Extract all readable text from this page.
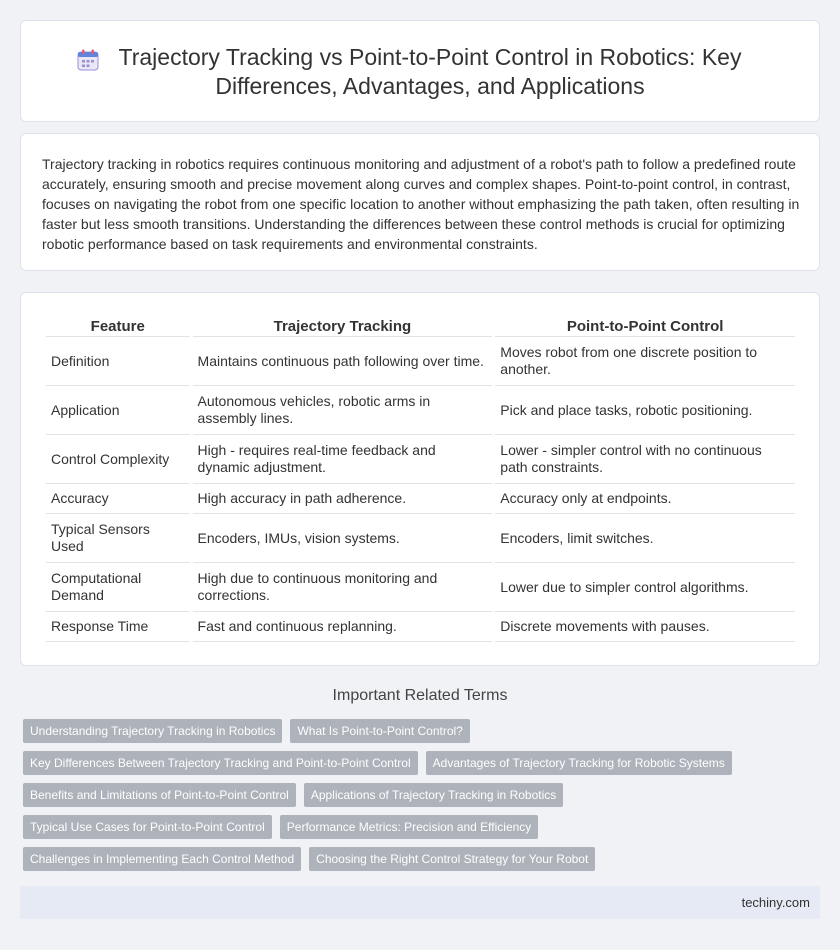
Trajectory Tracking vs Point-to-Point Control in Robotics: Key
Differences, Advantages, and Applications

Trajectory tracking in robotics requires continuous monitoring and adjustment of a robot's path to follow a predefined route accurately, ensuring smooth and precise movement along curves and complex shapes. Point-to-point control, in contrast, focuses on navigating the robot from one specific location to another without emphasizing the path taken, often resulting in faster but less smooth transitions. Understanding the differences between these control methods is crucial for optimizing robotic performance based on task requirements and environmental constraints.

Feature	Trajectory Tracking	Point-to-Point Control
Definition	Maintains continuous path following over time.	Moves robot from one discrete position to another.
Application	Autonomous vehicles, robotic arms in assembly lines.	Pick and place tasks, robotic positioning.
Control Complexity	High - requires real-time feedback and dynamic adjustment.	Lower - simpler control with no continuous path constraints.
Accuracy	High accuracy in path adherence.	Accuracy only at endpoints.
Typical Sensors Used	Encoders, IMUs, vision systems.	Encoders, limit switches.
Computational Demand	High due to continuous monitoring and corrections.	Lower due to simpler control algorithms.
Response Time	Fast and continuous replanning.	Discrete movements with pauses.
Important Related Terms
Understanding Trajectory Tracking in Robotics	What Is Point-to-Point Control?
Key Differences Between Trajectory Tracking and Point-to-Point Control	Advantages of Trajectory Tracking for Robotic Systems
Benefits and Limitations of Point-to-Point Control	Applications of Trajectory Tracking in Robotics
Typical Use Cases for Point-to-Point Control	Performance Metrics: Precision and Efficiency
Challenges in Implementing Each Control Method	Choosing the Right Control Strategy for Your Robot
techiny.com
